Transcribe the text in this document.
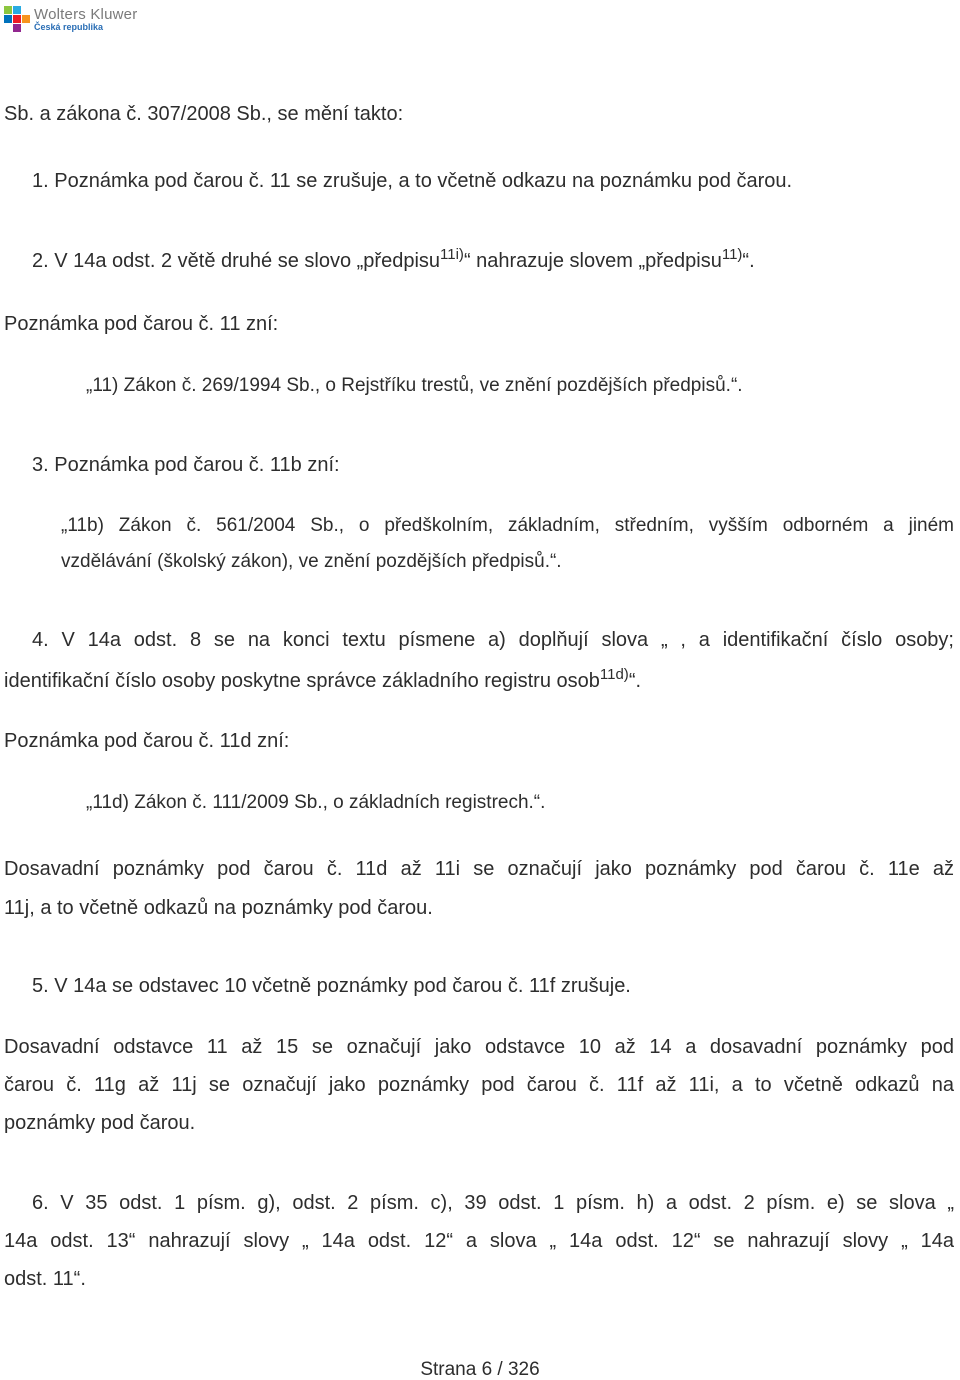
Wolters Kluwer
Česká republika
Sb. a zákona č. 307/2008 Sb., se mění takto:
1. Poznámka pod čarou č. 11 se zrušuje, a to včetně odkazu na poznámku pod čarou.
2. V 14a odst. 2 větě druhé se slovo „předpisu$^{11i)}$“ nahrazuje slovem „předpisu$^{11)}$“.
Poznámka pod čarou č. 11 zní:
„11) Zákon č. 269/1994 Sb., o Rejstříku trestů, ve znění pozdějších předpisů.“.
3. Poznámka pod čarou č. 11b zní:
„11b) Zákon č. 561/2004 Sb., o předškolním, základním, středním, vyšším odborném a jiném
vzdělávání (školský zákon), ve znění pozdějších předpisů.“.
4. V 14a odst. 8 se na konci textu písmene a) doplňují slova „ , a identifikační číslo osoby;
identifikační číslo osoby poskytne správce základního registru osob$^{11d)}$“.
Poznámka pod čarou č. 11d zní:
„11d) Zákon č. 111/2009 Sb., o základních registrech.“.
Dosavadní poznámky pod čarou č. 11d až 11i se označují jako poznámky pod čarou č. 11e až
11j, a to včetně odkazů na poznámky pod čarou.
5. V 14a se odstavec 10 včetně poznámky pod čarou č. 11f zrušuje.
Dosavadní odstavce 11 až 15 se označují jako odstavce 10 až 14 a dosavadní poznámky pod
čarou č. 11g až 11j se označují jako poznámky pod čarou č. 11f až 11i, a to včetně odkazů na
poznámky pod čarou.
6. V 35 odst. 1 písm. g), odst. 2 písm. c), 39 odst. 1 písm. h) a odst. 2 písm. e) se slova „
14a odst. 13“ nahrazují slovy „ 14a odst. 12“ a slova „ 14a odst. 12“ se nahrazují slovy „ 14a
odst. 11“.
Strana 6 / 326
